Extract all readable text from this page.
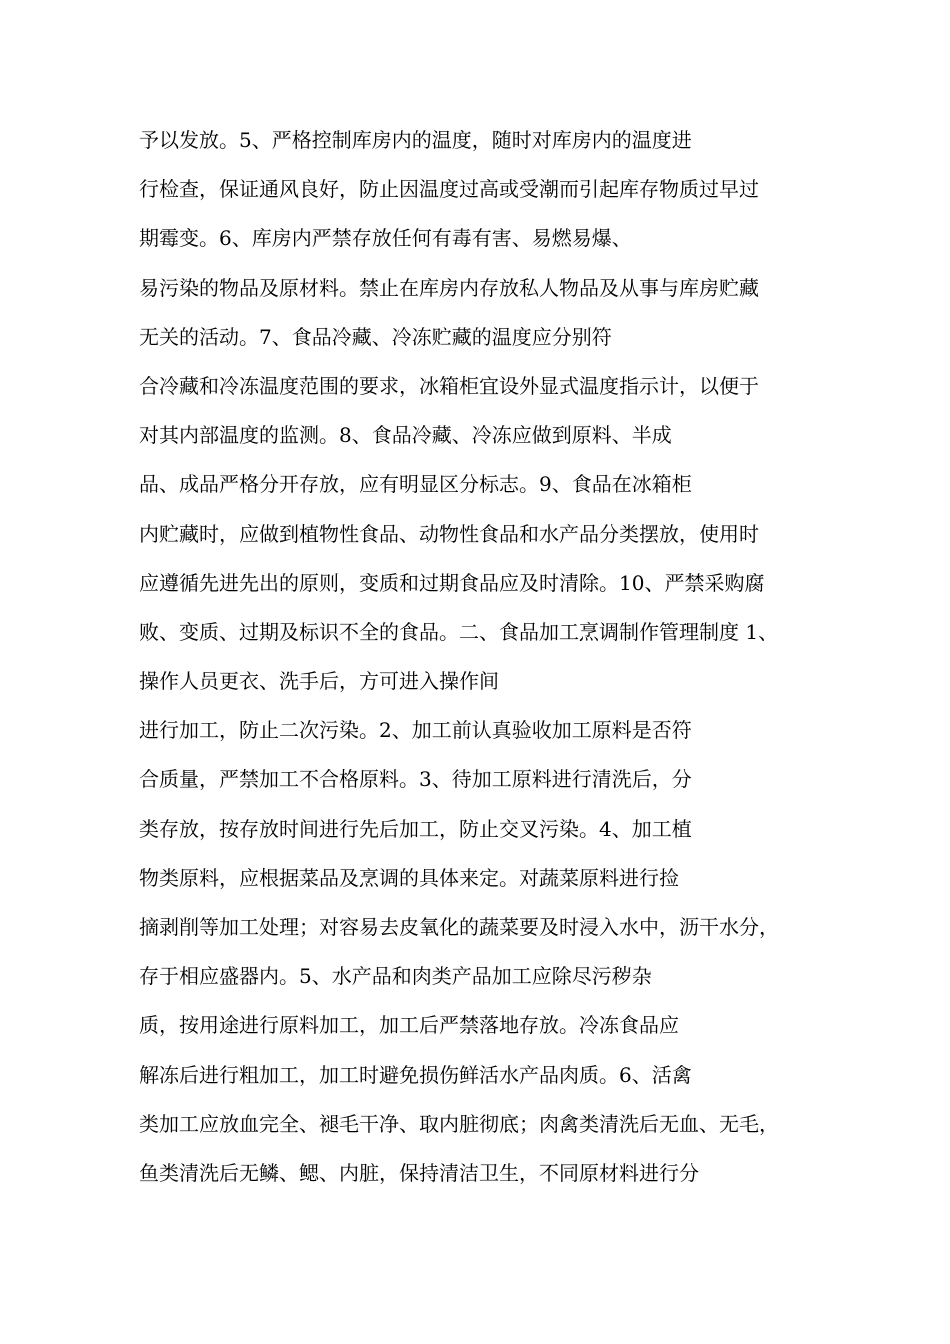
予以发放。5、严格控制库房内的温度，随时对库房内的温度进
行检查，保证通风良好，防止因温度过高或受潮而引起库存物质过早过
期霉变。6、库房内严禁存放任何有毒有害、易燃易爆、
易污染的物品及原材料。禁止在库房内存放私人物品及从事与库房贮藏
无关的活动。7、食品冷藏、冷冻贮藏的温度应分别符
合冷藏和冷冻温度范围的要求，冰箱柜宜设外显式温度指示计，以便于
对其内部温度的监测。8、食品冷藏、冷冻应做到原料、半成
品、成品严格分开存放，应有明显区分标志。9、食品在冰箱柜
内贮藏时，应做到植物性食品、动物性食品和水产品分类摆放，使用时
应遵循先进先出的原则，变质和过期食品应及时清除。10、严禁采购腐
败、变质、过期及标识不全的食品。二、食品加工烹调制作管理制度 1、
操作人员更衣、洗手后，方可进入操作间
进行加工，防止二次污染。2、加工前认真验收加工原料是否符
合质量，严禁加工不合格原料。3、待加工原料进行清洗后，分
类存放，按存放时间进行先后加工，防止交叉污染。4、加工植
物类原料，应根据菜品及烹调的具体来定。对蔬菜原料进行捡
摘剥削等加工处理；对容易去皮氧化的蔬菜要及时浸入水中，沥干水分，
存于相应盛器内。5、水产品和肉类产品加工应除尽污秽杂
质，按用途进行原料加工，加工后严禁落地存放。冷冻食品应
解冻后进行粗加工，加工时避免损伤鲜活水产品肉质。6、活禽
类加工应放血完全、褪毛干净、取内脏彻底；肉禽类清洗后无血、无毛，
鱼类清洗后无鳞、鳃、内脏，保持清洁卫生，不同原材料进行分
